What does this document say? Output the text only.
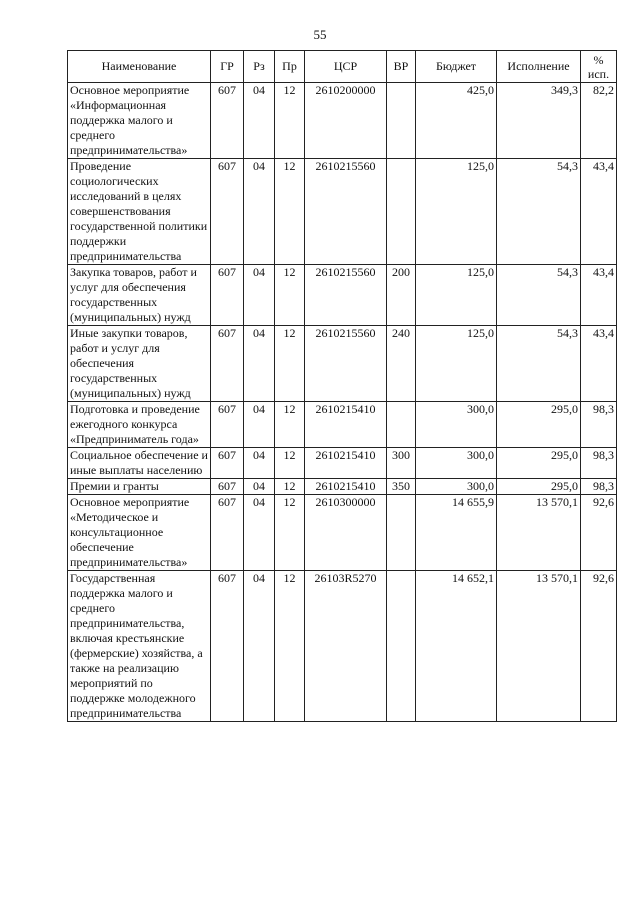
55
Наименование	ГР	Рз	Пр	ЦСР	ВР	Бюджет	Исполнение	%
исп.

Основное мероприятие «Информационная поддержка малого и среднего предпринимательства»	607	04	12	2610200000		425,0	349,3	82,2
Проведение социологических исследований в целях совершенствования государственной политики поддержки предпринимательства	607	04	12	2610215560		125,0	54,3	43,4
Закупка товаров, работ и услуг для обеспечения государственных (муниципальных) нужд	607	04	12	2610215560	200	125,0	54,3	43,4
Иные закупки товаров, работ и услуг для обеспечения государственных (муниципальных) нужд	607	04	12	2610215560	240	125,0	54,3	43,4
Подготовка и проведение ежегодного конкурса «Предприниматель года»	607	04	12	2610215410		300,0	295,0	98,3
Социальное обеспечение и иные выплаты населению	607	04	12	2610215410	300	300,0	295,0	98,3
Премии и гранты	607	04	12	2610215410	350	300,0	295,0	98,3
Основное мероприятие «Методическое и консультационное обеспечение предпринимательства»	607	04	12	2610300000		14 655,9	13 570,1	92,6
Государственная поддержка малого и среднего предпринимательства, включая крестьянские (фермерские) хозяйства, а также на реализацию мероприятий по поддержке молодежного предпринимательства	607	04	12	26103R5270		14 652,1	13 570,1	92,6
